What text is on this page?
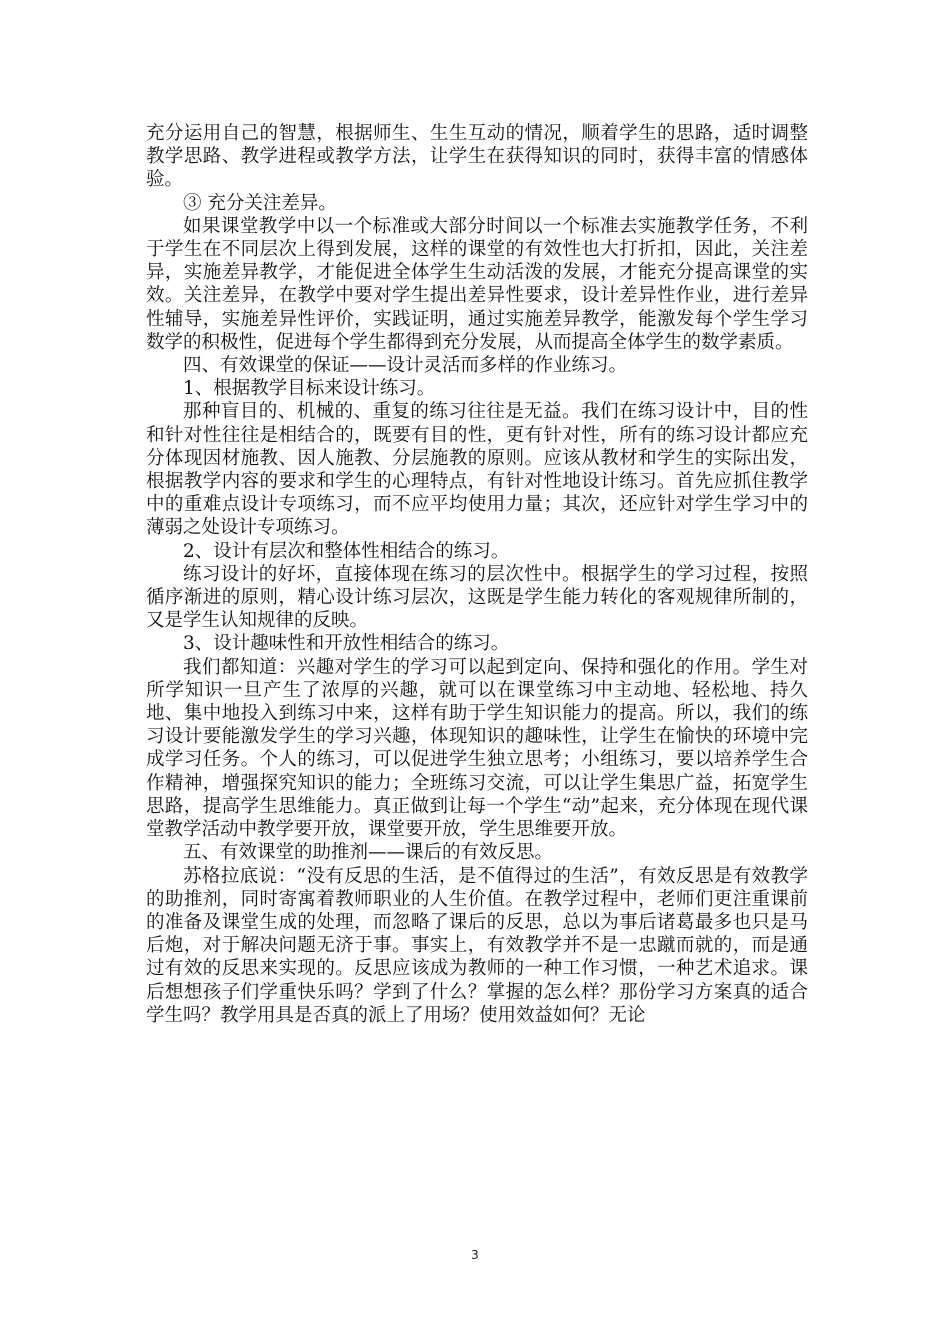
充分运用自己的智慧，根据师生、生生互动的情况，顺着学生的思路，适时调整教学思路、教学进程或教学方法，让学生在获得知识的同时，获得丰富的情感体验。

③ 充分关注差异。

如果课堂教学中以一个标准或大部分时间以一个标准去实施教学任务，不利于学生在不同层次上得到发展，这样的课堂的有效性也大打折扣，因此，关注差异，实施差异教学，才能促进全体学生生动活泼的发展，才能充分提高课堂的实效。关注差异，在教学中要对学生提出差异性要求，设计差异性作业，进行差异性辅导，实施差异性评价，实践证明，通过实施差异教学，能激发每个学生学习数学的积极性，促进每个学生都得到充分发展，从而提高全体学生的数学素质。

四、有效课堂的保证——设计灵活而多样的作业练习。

1、根据教学目标来设计练习。

那种盲目的、机械的、重复的练习往往是无益。我们在练习设计中，目的性和针对性往往是相结合的，既要有目的性，更有针对性，所有的练习设计都应充分体现因材施教、因人施教、分层施教的原则。应该从教材和学生的实际出发，根据教学内容的要求和学生的心理特点，有针对性地设计练习。首先应抓住教学中的重难点设计专项练习，而不应平均使用力量；其次，还应针对学生学习中的薄弱之处设计专项练习。

2、设计有层次和整体性相结合的练习。

练习设计的好坏，直接体现在练习的层次性中。根据学生的学习过程，按照循序渐进的原则，精心设计练习层次，这既是学生能力转化的客观规律所制的，又是学生认知规律的反映。

3、设计趣味性和开放性相结合的练习。

我们都知道：兴趣对学生的学习可以起到定向、保持和强化的作用。学生对所学知识一旦产生了浓厚的兴趣，就可以在课堂练习中主动地、轻松地、持久地、集中地投入到练习中来，这样有助于学生知识能力的提高。所以，我们的练习设计要能激发学生的学习兴趣，体现知识的趣味性，让学生在愉快的环境中完成学习任务。个人的练习，可以促进学生独立思考；小组练习，要以培养学生合作精神，增强探究知识的能力；全班练习交流，可以让学生集思广益，拓宽学生思路，提高学生思维能力。真正做到让每一个学生“动”起来，充分体现在现代课堂教学活动中教学要开放，课堂要开放，学生思维要开放。

五、有效课堂的助推剂——课后的有效反思。

苏格拉底说：“没有反思的生活，是不值得过的生活”，有效反思是有效教学的助推剂，同时寄寓着教师职业的人生价值。在教学过程中，老师们更注重课前的准备及课堂生成的处理，而忽略了课后的反思，总以为事后诸葛最多也只是马后炮，对于解决问题无济于事。事实上，有效教学并不是一忠蹴而就的，而是通过有效的反思来实现的。反思应该成为教师的一种工作习惯，一种艺术追求。课后想想孩子们学重快乐吗？学到了什么？掌握的怎么样？那份学习方案真的适合学生吗？教学用具是否真的派上了用场？使用效益如何？无论

3
